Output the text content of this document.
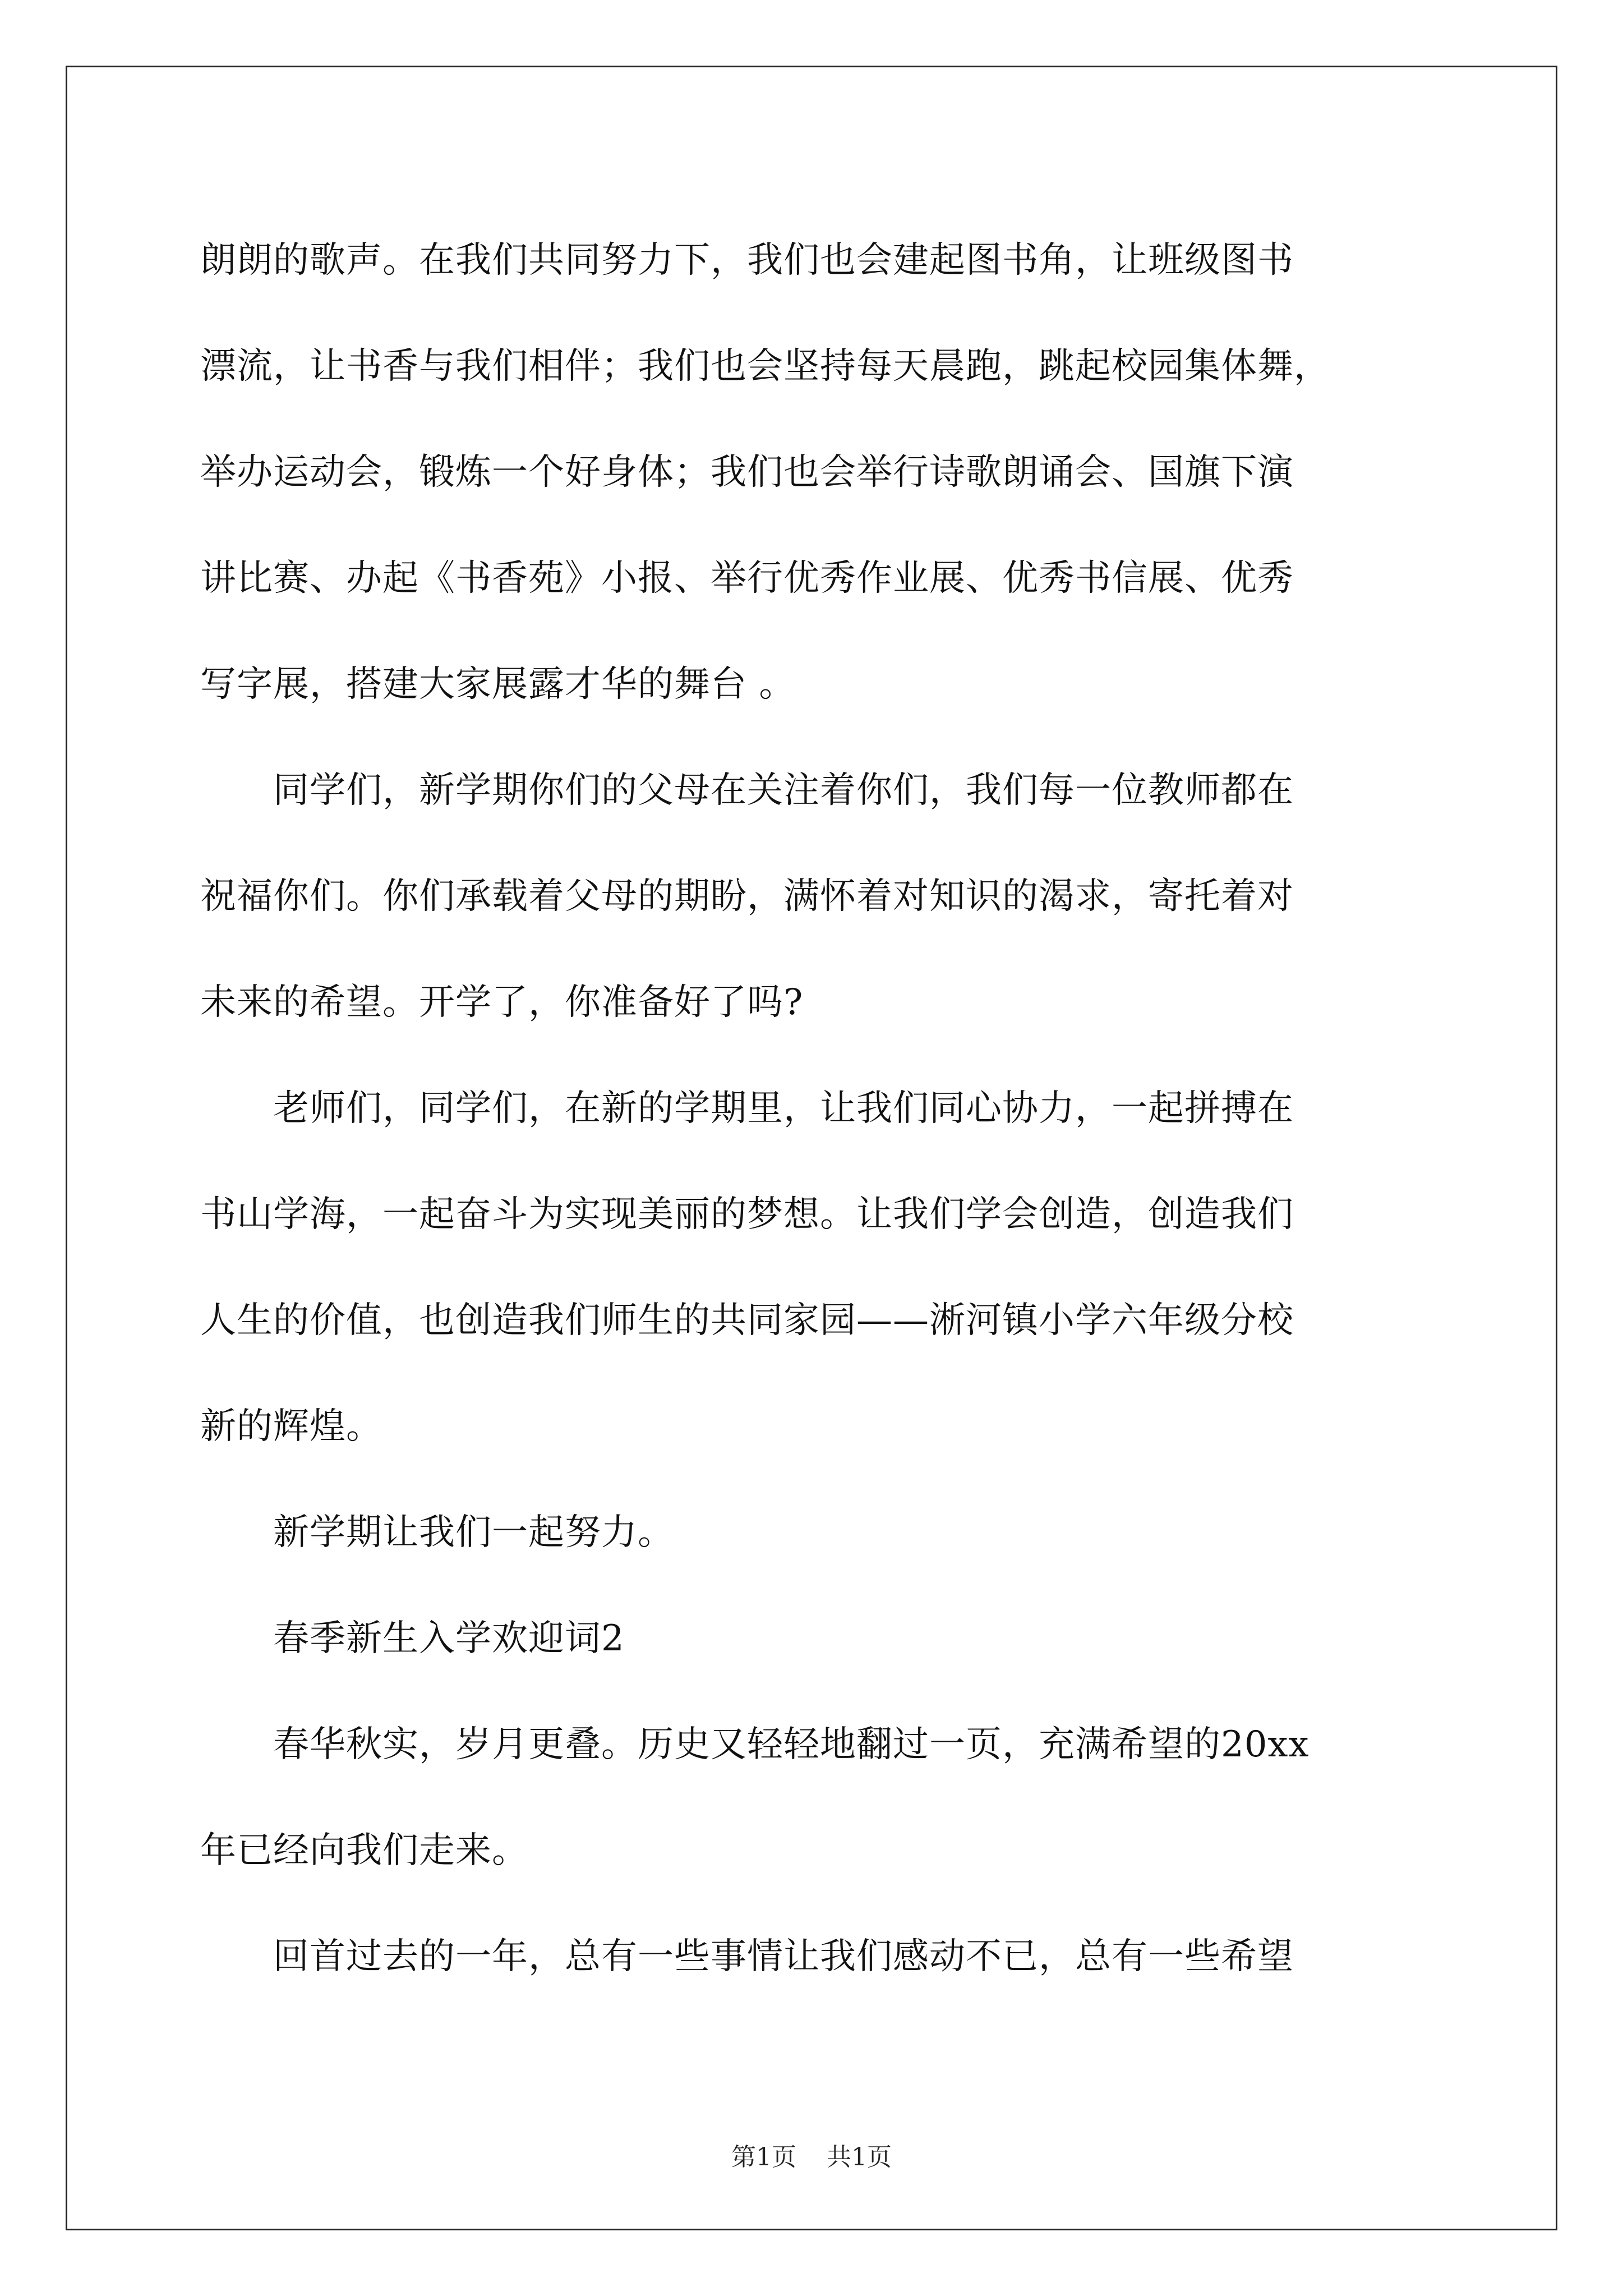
朗朗的歌声。在我们共同努力下，我们也会建起图书角，让班级图书
漂流，让书香与我们相伴；我们也会坚持每天晨跑，跳起校园集体舞，
举办运动会，锻炼一个好身体；我们也会举行诗歌朗诵会、国旗下演
讲比赛、办起《书香苑》小报、举行优秀作业展、优秀书信展、优秀
写字展，搭建大家展露才华的舞台 。
　　同学们，新学期你们的父母在关注着你们，我们每一位教师都在
祝福你们。你们承载着父母的期盼，满怀着对知识的渴求，寄托着对
未来的希望。开学了，你准备好了吗?
　　老师们，同学们，在新的学期里，让我们同心协力，一起拼搏在
书山学海，一起奋斗为实现美丽的梦想。让我们学会创造，创造我们
人生的价值，也创造我们师生的共同家园——淅河镇小学六年级分校
新的辉煌。
　　新学期让我们一起努力。
　　春季新生入学欢迎词2
　　春华秋实，岁月更叠。历史又轻轻地翻过一页，充满希望的20xx
年已经向我们走来。
　　回首过去的一年，总有一些事情让我们感动不已，总有一些希望
第1页 共1页
